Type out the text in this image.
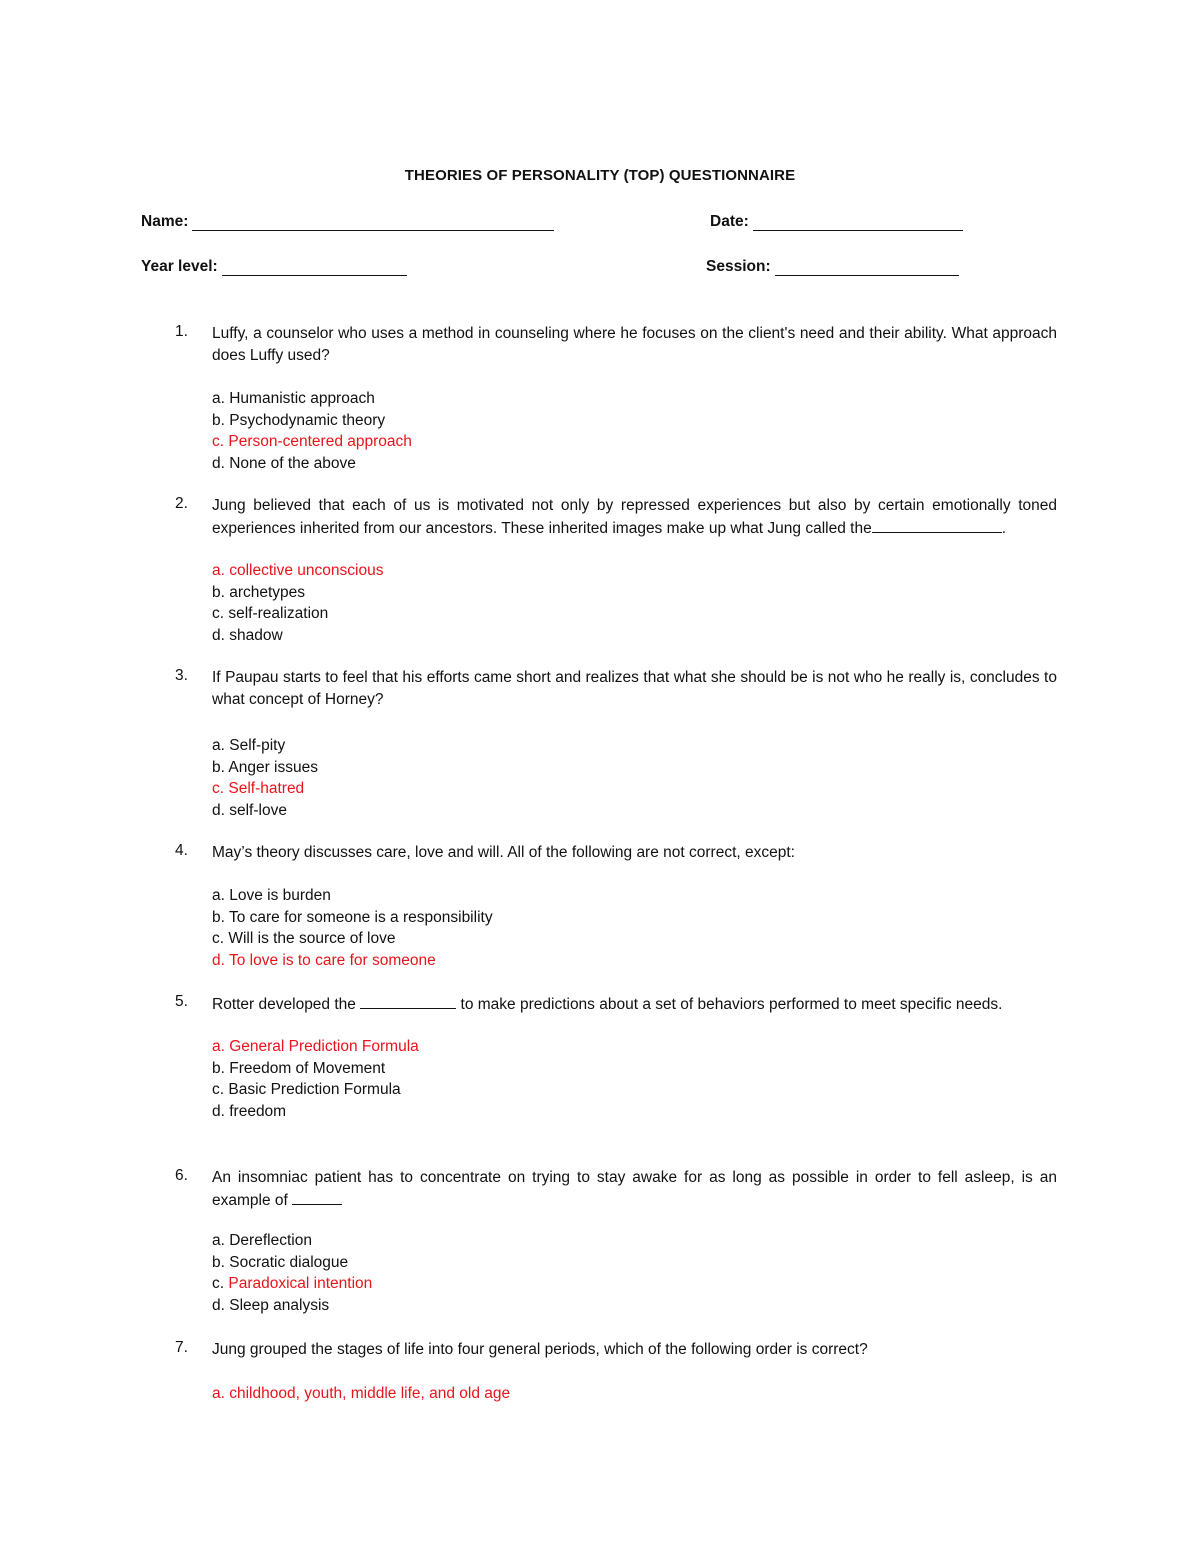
THEORIES OF PERSONALITY (TOP) QUESTIONNAIRE
Name:	Date:
Year level:	Session:
1. Luffy, a counselor who uses a method in counseling where he focuses on the client's need and their ability. What approach does Luffy used?

a. Humanistic approach
b. Psychodynamic theory
c. Person-centered approach
d. None of the above
2. Jung believed that each of us is motivated not only by repressed experiences but also by certain emotionally toned experiences inherited from our ancestors. These inherited images make up what Jung called the	.

a. collective unconscious
b. archetypes
c. self-realization
d. shadow
3. If Paupau starts to feel that his efforts came short and realizes that what she should be is not who he really is, concludes to what concept of Horney?

a. Self-pity
b. Anger issues
c. Self-hatred
d. self-love
4. May’s theory discusses care, love and will. All of the following are not correct, except:

a. Love is burden
b. To care for someone is a responsibility
c. Will is the source of love
d. To love is to care for someone
5. Rotter developed the	to make predictions about a set of behaviors performed to meet specific needs.

a. General Prediction Formula
b. Freedom of Movement
c. Basic Prediction Formula
d. freedom
6. An insomniac patient has to concentrate on trying to stay awake for as long as possible in order to fell asleep, is an example of

a. Dereflection
b. Socratic dialogue
c. Paradoxical intention
d. Sleep analysis
7. Jung grouped the stages of life into four general periods, which of the following order is correct?

a. childhood, youth, middle life, and old age
